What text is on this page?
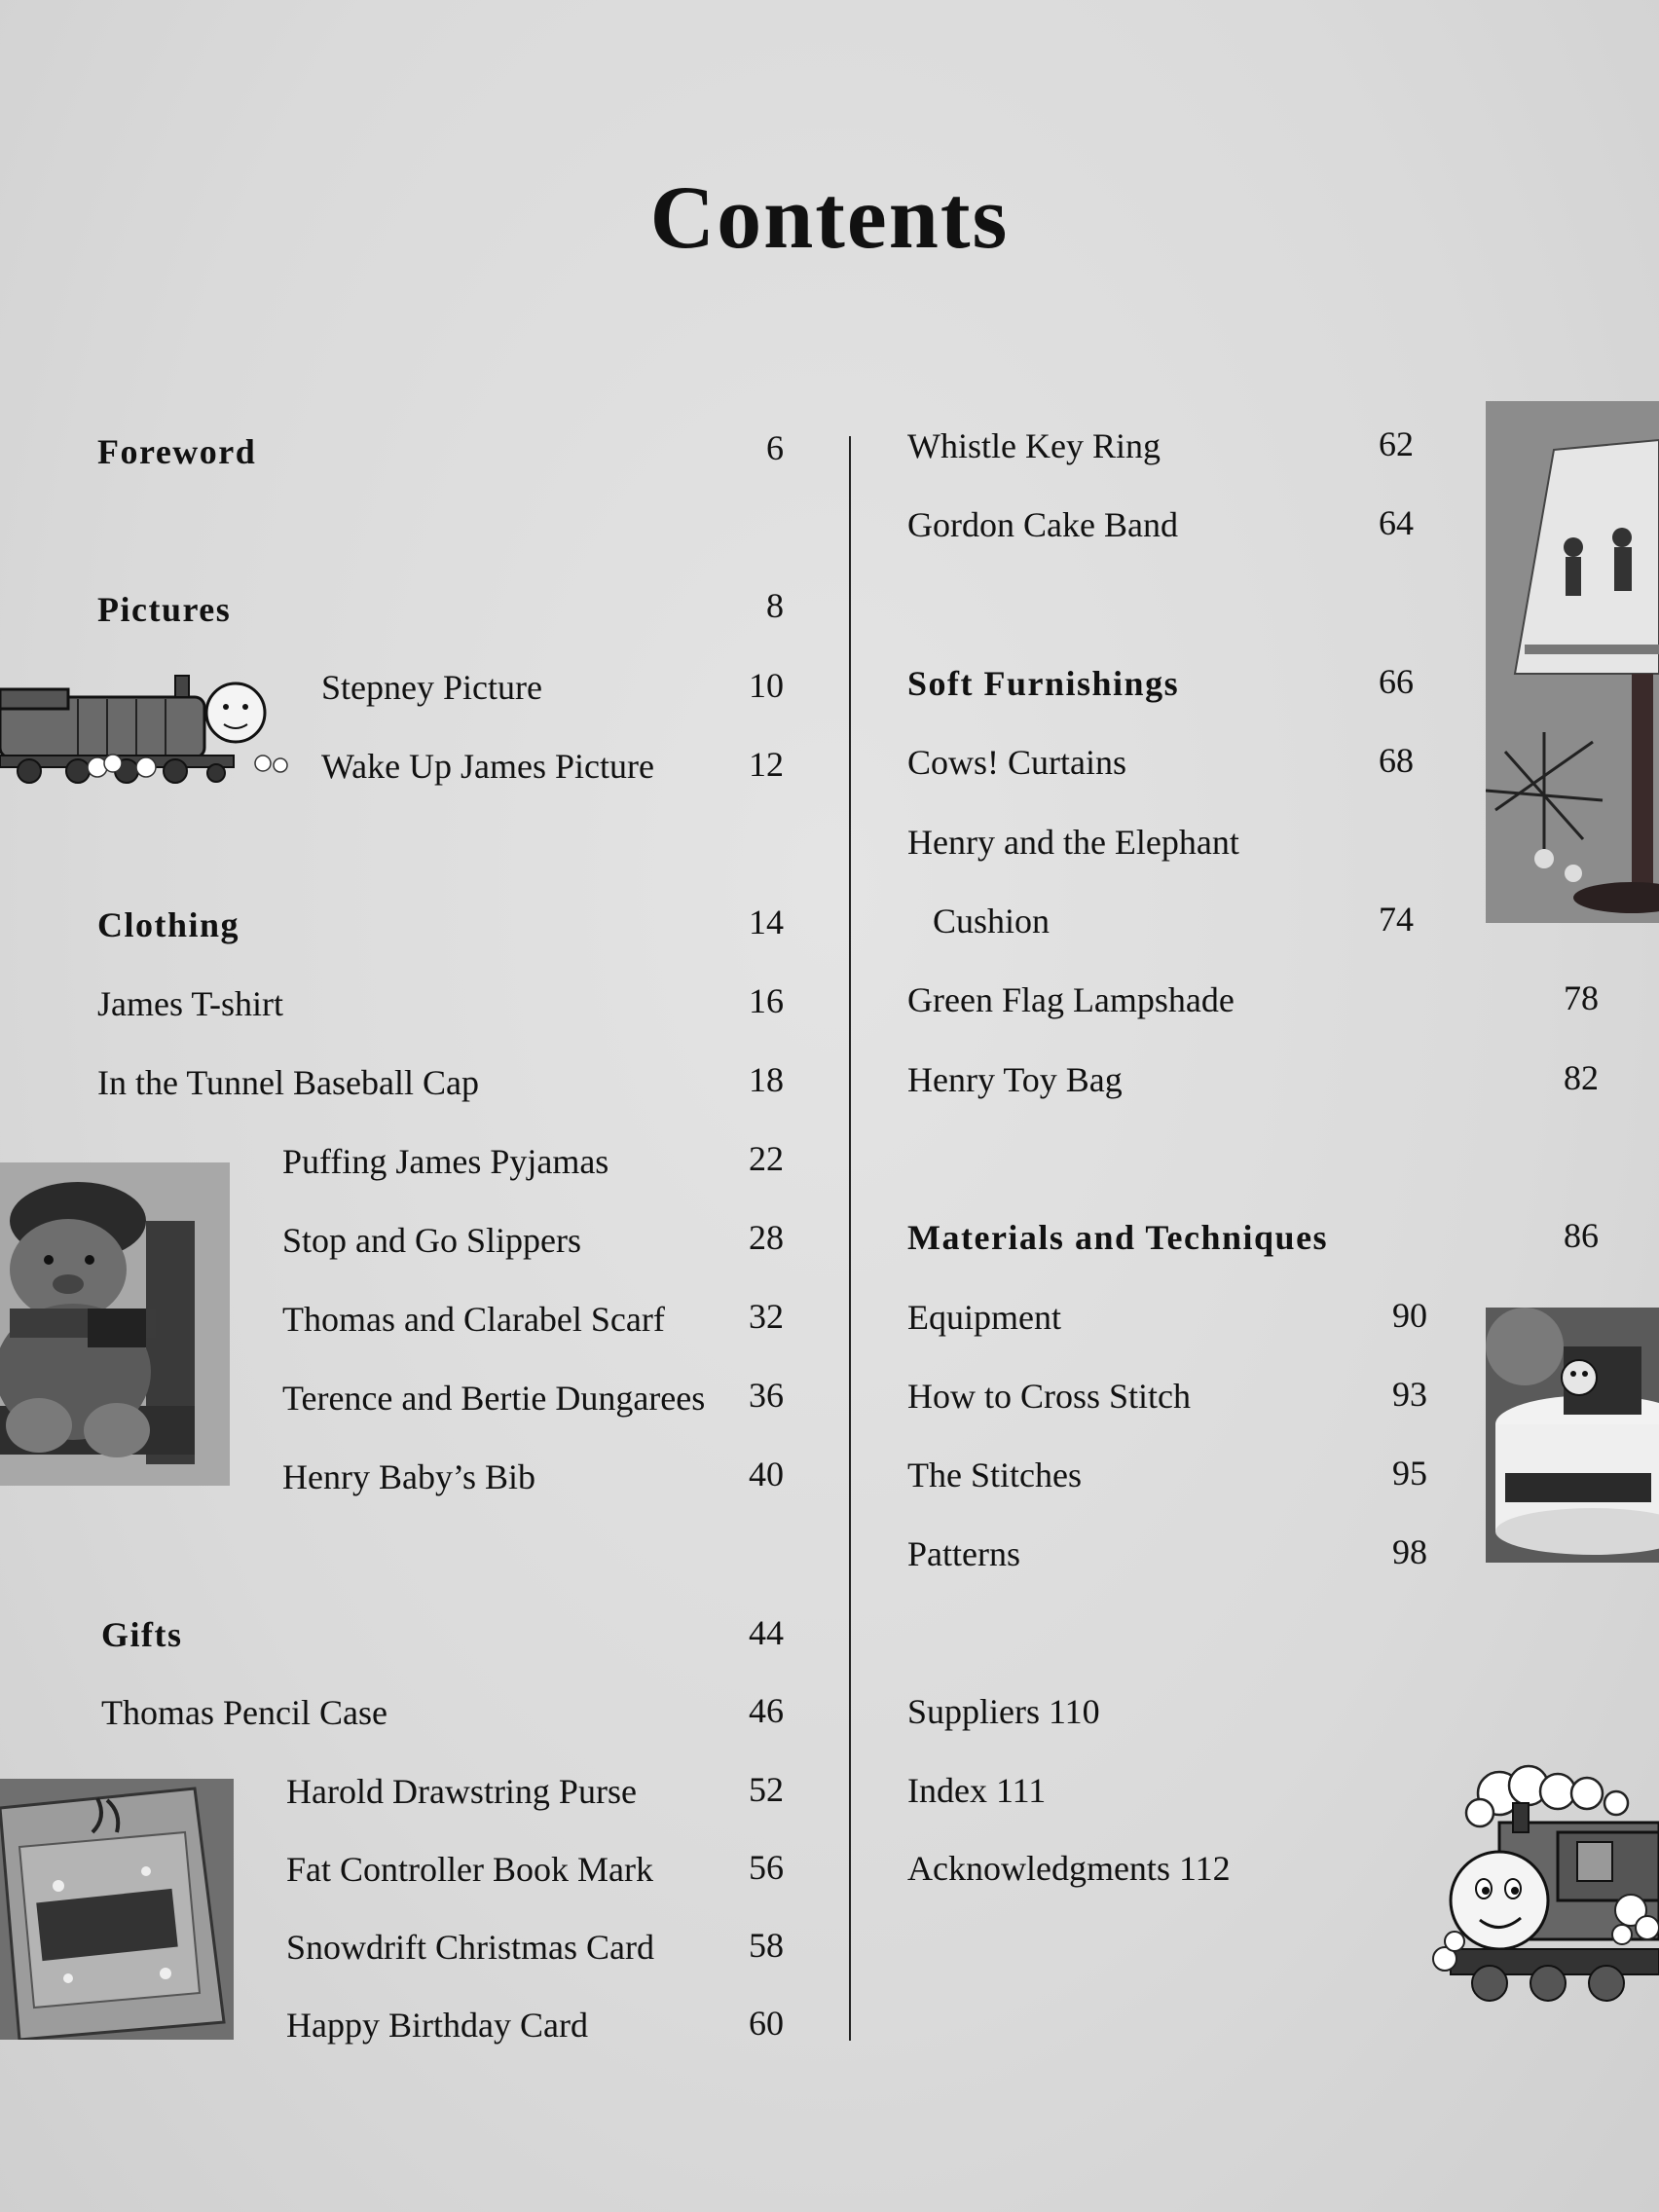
Contents
Foreword	6
Pictures	8
Stepney Picture	10
Wake Up James Picture	12
Clothing	14
James T-shirt	16
In the Tunnel Baseball Cap	18
Puffing James Pyjamas	22
Stop and Go Slippers	28
Thomas and Clarabel Scarf	32
Terence and Bertie Dungarees	36
Henry Baby’s Bib	40
Gifts	44
Thomas Pencil Case	46
Harold Drawstring Purse	52
Fat Controller Book Mark	56
Snowdrift Christmas Card	58
Happy Birthday Card	60
Whistle Key Ring	62
Gordon Cake Band	64
Soft Furnishings	66
Cows! Curtains	68
Henry and the Elephant
Cushion	74
Green Flag Lampshade	78
Henry Toy Bag	82
Materials and Techniques	86
Equipment	90
How to Cross Stitch	93
The Stitches	95
Patterns	98
Suppliers 110
Index 111
Acknowledgments 112
